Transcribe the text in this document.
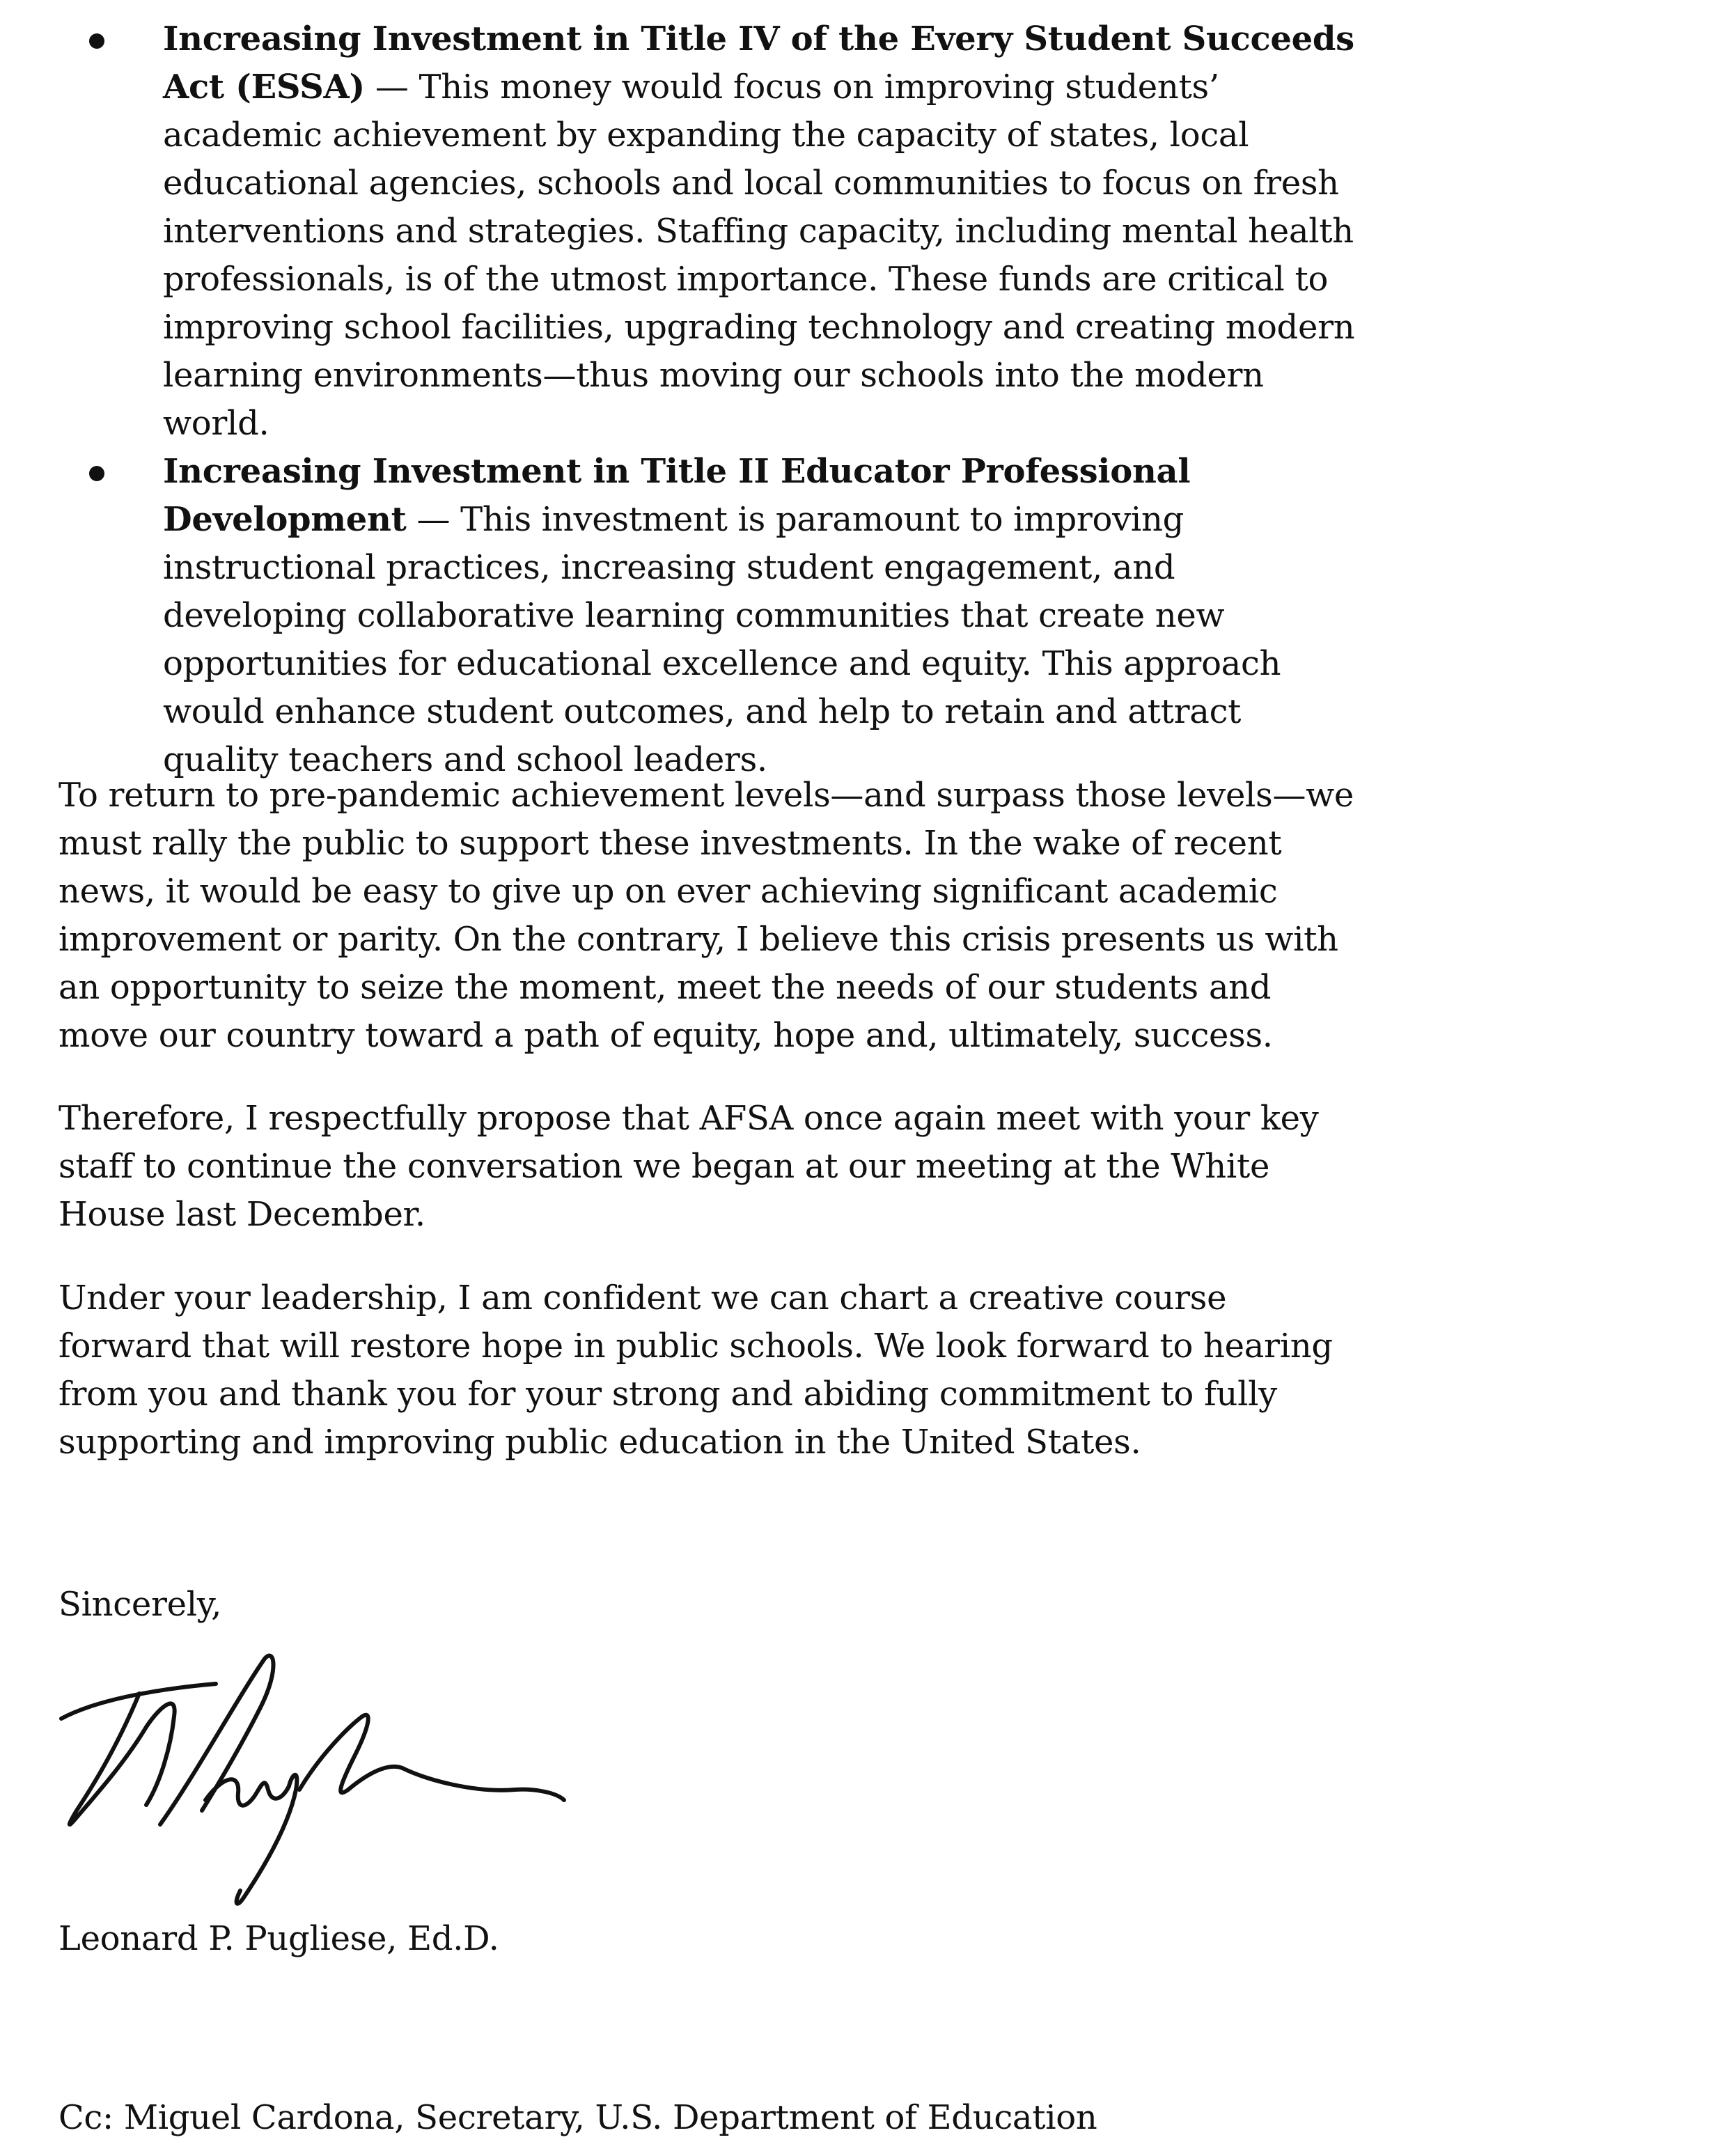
Increasing Investment in Title IV of the Every Student Succeeds Act (ESSA) — This money would focus on improving students’ academic achievement by expanding the capacity of states, local educational agencies, schools and local communities to focus on fresh interventions and strategies. Staffing capacity, including mental health professionals, is of the utmost importance. These funds are critical to improving school facilities, upgrading technology and creating modern learning environments—thus moving our schools into the modern world.
Increasing Investment in Title II Educator Professional Development — This investment is paramount to improving instructional practices, increasing student engagement, and developing collaborative learning communities that create new opportunities for educational excellence and equity. This approach would enhance student outcomes, and help to retain and attract quality teachers and school leaders.

To return to pre-pandemic achievement levels—and surpass those levels—we must rally the public to support these investments. In the wake of recent news, it would be easy to give up on ever achieving significant academic improvement or parity. On the contrary, I believe this crisis presents us with an opportunity to seize the moment, meet the needs of our students and move our country toward a path of equity, hope and, ultimately, success.

Therefore, I respectfully propose that AFSA once again meet with your key staff to continue the conversation we began at our meeting at the White House last December.

Under your leadership, I am confident we can chart a creative course forward that will restore hope in public schools. We look forward to hearing from you and thank you for your strong and abiding commitment to fully supporting and improving public education in the United States.

Sincerely,

Leonard P. Pugliese, Ed.D.

Cc: Miguel Cardona, Secretary, U.S. Department of Education
